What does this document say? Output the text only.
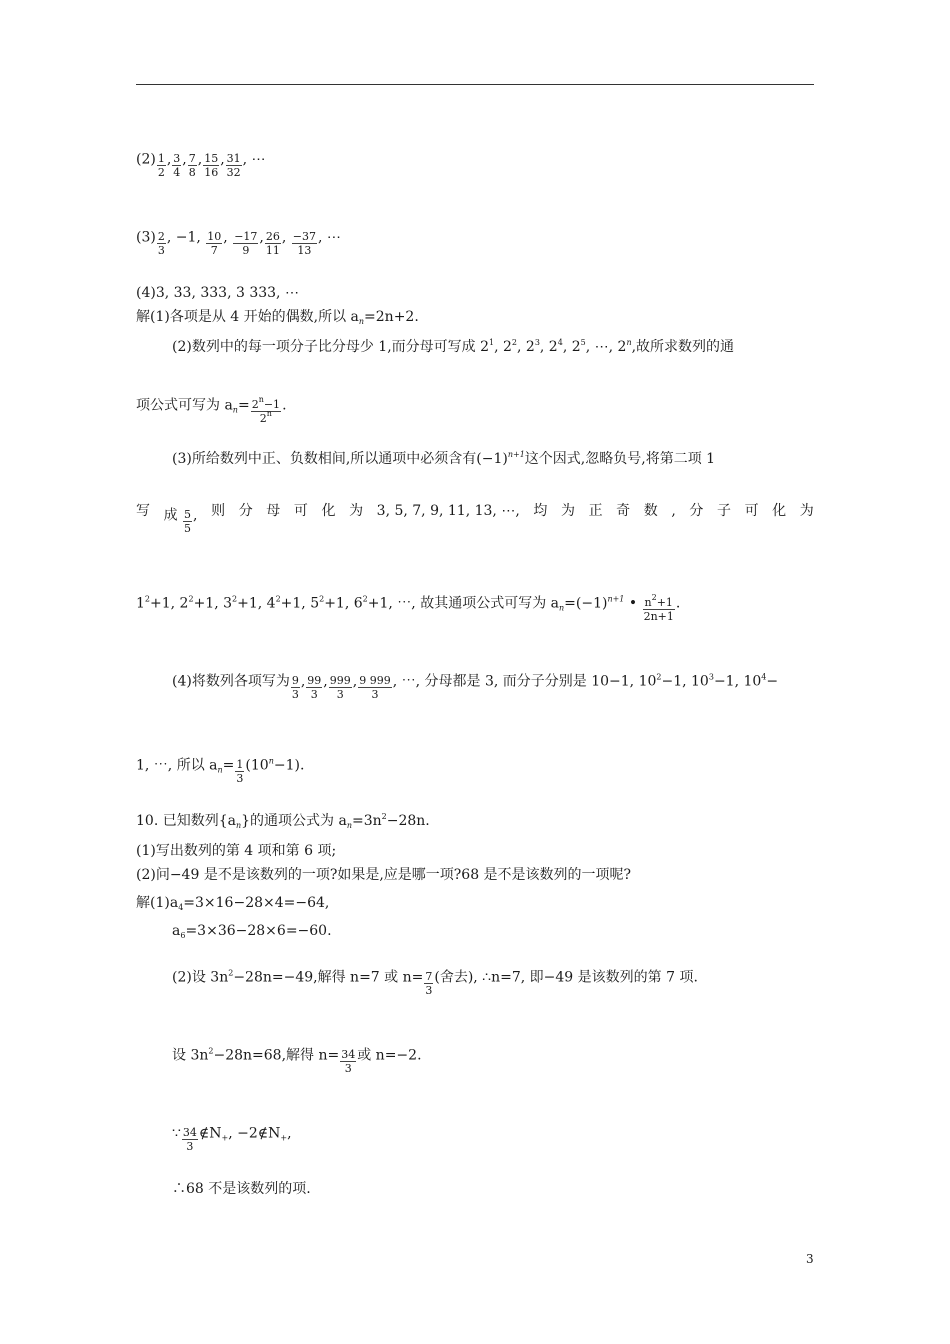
$(2) \frac{1}{2}$ , $\frac{3}{4}$ , $\frac{7}{8}$ , $\frac{15}{16}$ , $\frac{31}{32}$ , ⋯
$(3) \frac{2}{3}$ , −1, $\frac{10}{7}$ , $\frac{-17}{9}$ , $\frac{26}{11}$ , $\frac{-37}{13}$ , ⋯
(4)3, 33, 333, 3 333, ⋯
解(1)各项是从 4 开始的偶数,所以 $a_n=2n+2$.
(2)数列中的每一项分子比分母少 1,而分母可写成 $2^1$, $2^2$, $2^3$, $2^4$, $2^5$, ⋯, 2$^n$,故所求数列的通
项公式可写为 $a_n= \frac{2^n-1}{2^n}$ .
(3)所给数列中正、负数相间,所以通项中必须含有$(-1)^{n+1}$这个因式,忽略负号,将第二项 1
写 成 $\frac{5}{5}$ , 则 分 母 可 化 为 3, 5, 7, 9, 11, 13, ⋯, 均 为 正 奇 数 , 分 子 可 化 为
$1^2+1$, $2^2+1$, $3^2+1$, $4^2+1$, $5^2+1$, $6^2+1$, ⋯, 故其通项公式可写为 $a_n=(-1)^{n+1}$ • $\frac{n^2+1}{2n+1}$ .
(4)将数列各项写为 $\frac{9}{3}$ , $\frac{99}{3}$ , $\frac{999}{3}$ , $\frac{9 999}{3}$ , ⋯, 分母都是 3, 而分子分别是 10−1, $10^2-1$, $10^3-1$, $10^4-$
1, ⋯, 所以 $a_n= \frac{1}{3} (10^n-1)$.
10. 已知数列$\{a_n\}$的通项公式为 $a_n=3n^2-28n$.
(1)写出数列的第 4 项和第 6 项;
(2)问−49 是不是该数列的一项?如果是,应是哪一项?68 是不是该数列的一项呢?
解$(1)a_4=3\times 16-28\times 4=-64$,
$a_6=3\times 36-28\times 6=-60$.
(2)设 $3n^2-28n=-49$,解得 n=7 或 $n= \frac{7}{3}$ (舍去), ∴n=7, 即−49 是该数列的第 7 项.
设 $3n^2-28n=68$,解得 $n= \frac{34}{3}$ 或 n=−2.
∵ $\frac{34}{3}$ $\notin N_+$, $-2\notin N_+$,
∴68 不是该数列的项.
3
